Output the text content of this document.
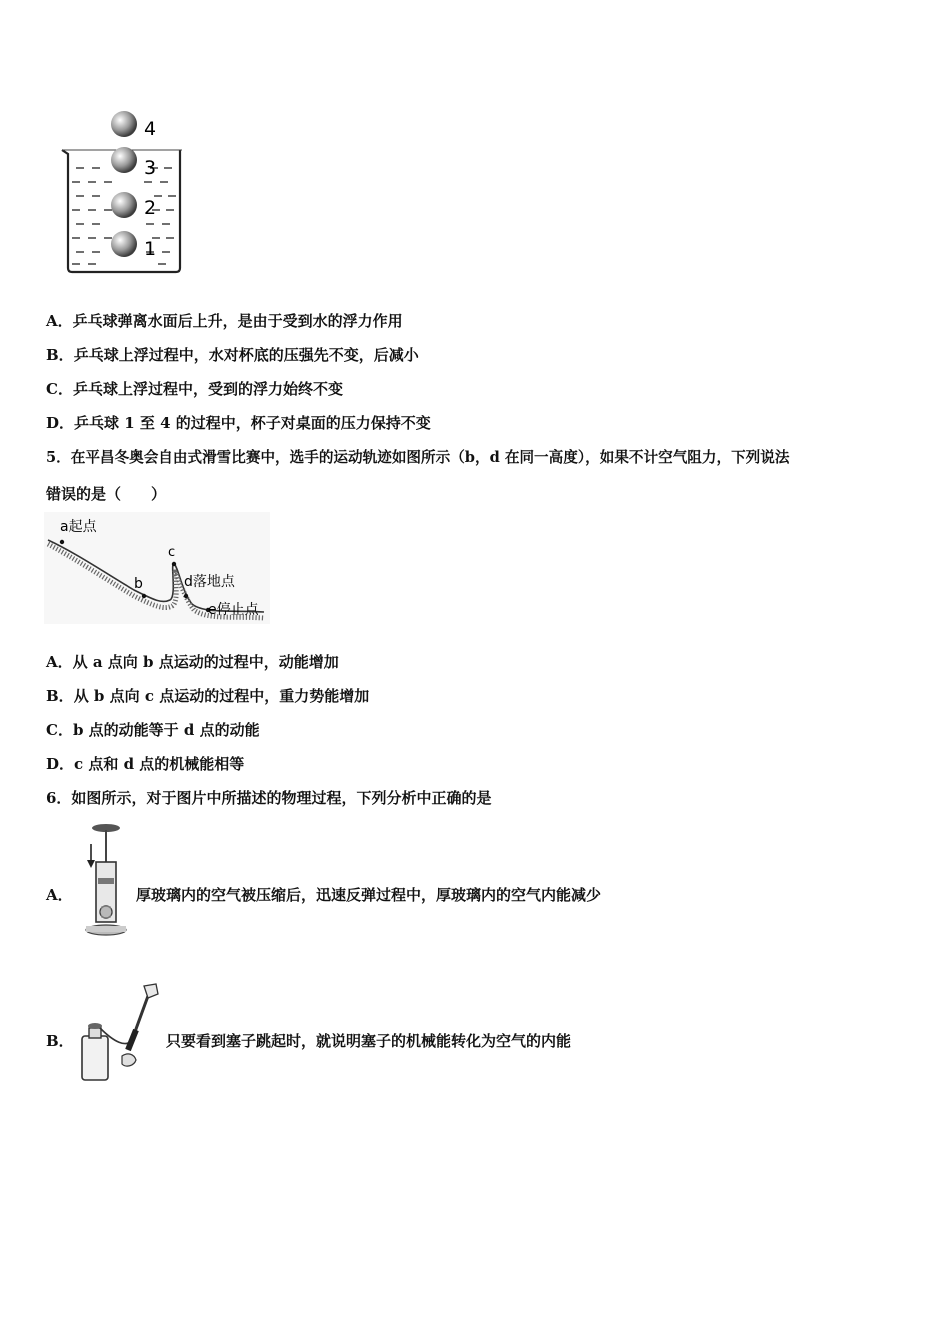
4
3
2
1
A．乒乓球弹离水面后上升，是由于受到水的浮力作用
B．乒乓球上浮过程中，水对杯底的压强先不变，后减小
C．乒乓球上浮过程中，受到的浮力始终不变
D．乒乓球 1 至 4 的过程中，杯子对桌面的压力保持不变
5．在平昌冬奥会自由式滑雪比赛中，选手的运动轨迹如图所示（b，d 在同一高度），如果不计空气阻力，下列说法
错误的是（　　）
a起点
b
c
d落地点
e停止点
A．从 a 点向 b 点运动的过程中，动能增加
B．从 b 点向 c 点运动的过程中，重力势能增加
C．b 点的动能等于 d 点的动能
D．c 点和 d 点的机械能相等
6．如图所示，对于图片中所描述的物理过程，下列分析中正确的是
A．	厚玻璃内的空气被压缩后，迅速反弹过程中，厚玻璃内的空气内能减少
B．	只要看到塞子跳起时，就说明塞子的机械能转化为空气的内能
